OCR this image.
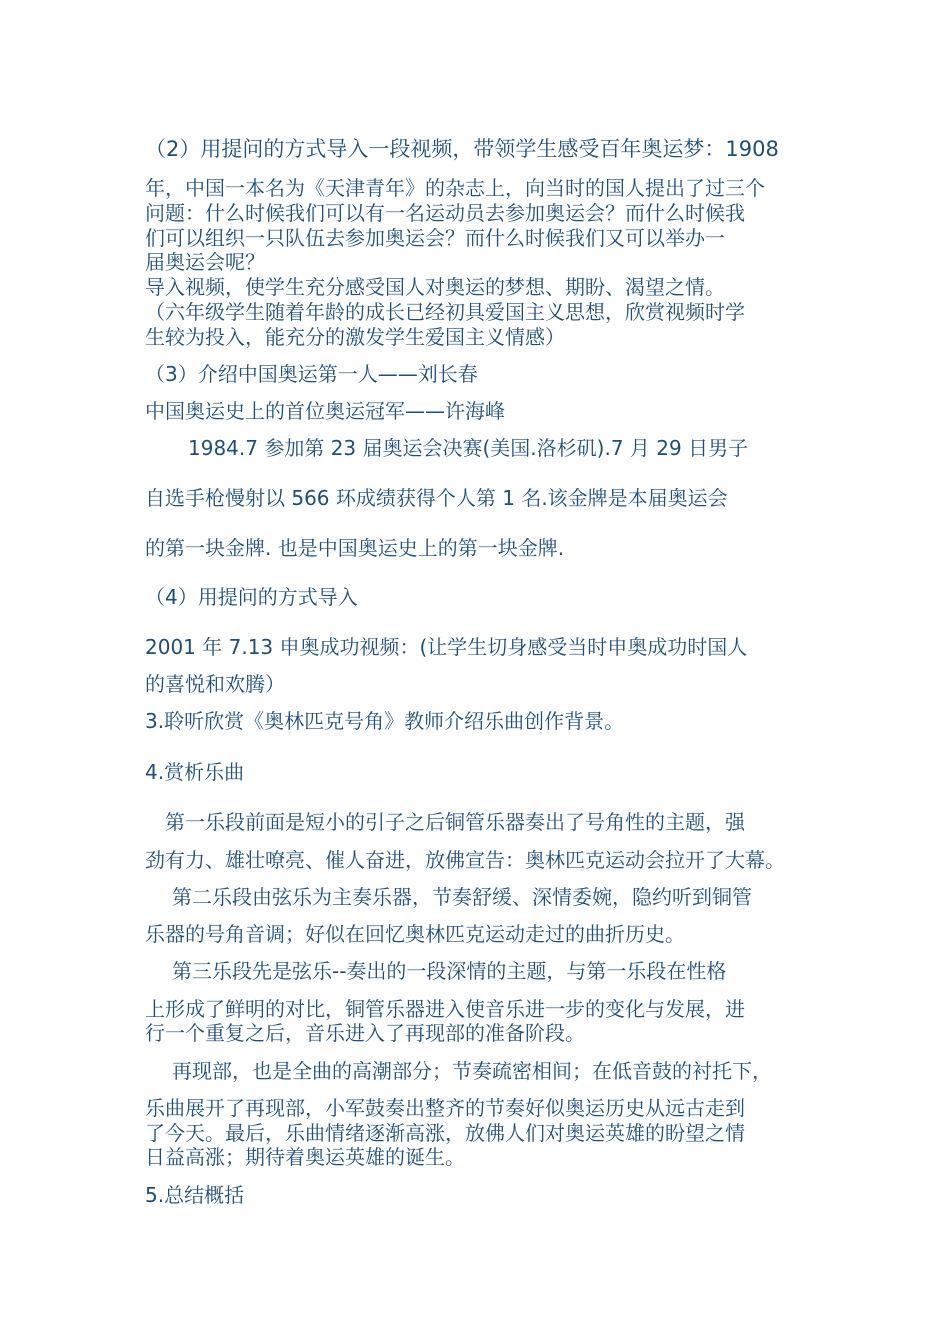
（2）用提问的方式导入一段视频，带领学生感受百年奥运梦：1908

年，中国一本名为《天津青年》的杂志上，向当时的国人提出了过三个

问题：什么时候我们可以有一名运动员去参加奥运会？而什么时候我

们可以组织一只队伍去参加奥运会？而什么时候我们又可以举办一

届奥运会呢？

导入视频，使学生充分感受国人对奥运的梦想、期盼、渴望之情。

（六年级学生随着年龄的成长已经初具爱国主义思想，欣赏视频时学

生较为投入，能充分的激发学生爱国主义情感）

（3）介绍中国奥运第一人——刘长春

中国奥运史上的首位奥运冠军——许海峰

1984.7 参加第 23 届奥运会决赛(美国.洛杉矶).7 月 29 日男子

自选手枪慢射以 566 环成绩获得个人第 1 名.该金牌是本届奥运会

的第一块金牌. 也是中国奥运史上的第一块金牌.

（4）用提问的方式导入

2001 年 7.13 申奥成功视频：(让学生切身感受当时申奥成功时国人

的喜悦和欢腾）

3.聆听欣赏《奥林匹克号角》教师介绍乐曲创作背景。

4.赏析乐曲

第一乐段前面是短小的引子之后铜管乐器奏出了号角性的主题，强

劲有力、雄壮嘹亮、催人奋进，放佛宣告：奥林匹克运动会拉开了大幕。

第二乐段由弦乐为主奏乐器，节奏舒缓、深情委婉，隐约听到铜管

乐器的号角音调；好似在回忆奥林匹克运动走过的曲折历史。

第三乐段先是弦乐--奏出的一段深情的主题，与第一乐段在性格

上形成了鲜明的对比，铜管乐器进入使音乐进一步的变化与发展，进

行一个重复之后，音乐进入了再现部的准备阶段。

再现部，也是全曲的高潮部分；节奏疏密相间；在低音鼓的衬托下，

乐曲展开了再现部，小军鼓奏出整齐的节奏好似奥运历史从远古走到

了今天。最后，乐曲情绪逐渐高涨，放佛人们对奥运英雄的盼望之情

日益高涨；期待着奥运英雄的诞生。

5.总结概括
